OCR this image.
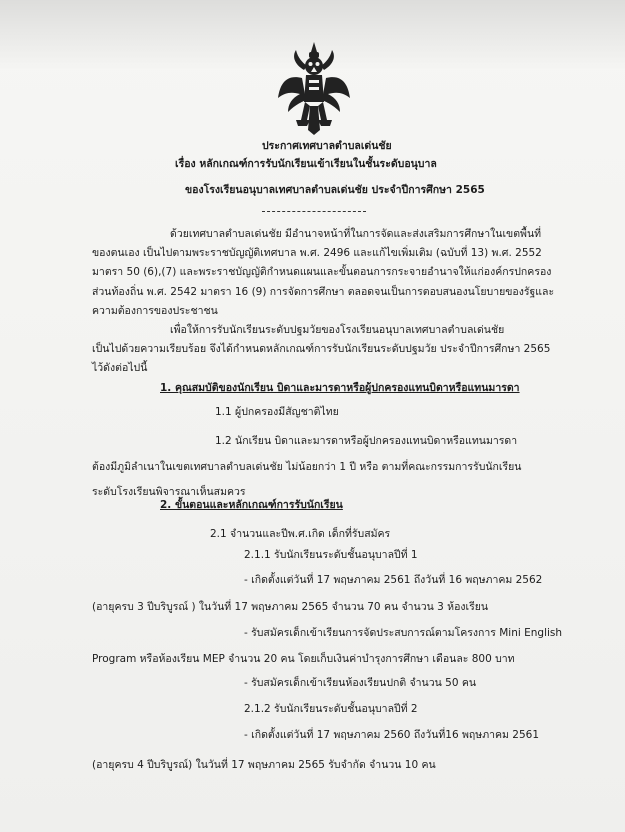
ประกาศเทศบาลตำบลเด่นชัย
เรื่อง หลักเกณฑ์การรับนักเรียนเข้าเรียนในชั้นระดับอนุบาล
ของโรงเรียนอนุบาลเทศบาลตำบลเด่นชัย ประจำปีการศึกษา 2565
ด้วยเทศบาลตำบลเด่นชัย มีอำนาจหน้าที่ในการจัดและส่งเสริมการศึกษาในเขตพื้นที่
ของตนเอง เป็นไปตามพระราชบัญญัติเทศบาล พ.ศ. 2496 และแก้ไขเพิ่มเติม (ฉบับที่ 13) พ.ศ. 2552
มาตรา 50 (6),(7) และพระราชบัญญัติกำหนดแผนและขั้นตอนการกระจายอำนาจให้แก่องค์กรปกครอง
ส่วนท้องถิ่น พ.ศ. 2542 มาตรา 16 (9) การจัดการศึกษา ตลอดจนเป็นการตอบสนองนโยบายของรัฐและ
ความต้องการของประชาชน
เพื่อให้การรับนักเรียนระดับปฐมวัยของโรงเรียนอนุบาลเทศบาลตำบลเด่นชัย
เป็นไปด้วยความเรียบร้อย จึงได้กำหนดหลักเกณฑ์การรับนักเรียนระดับปฐมวัย ประจำปีการศึกษา 2565
ไว้ดังต่อไปนี้
1. คุณสมบัติของนักเรียน บิดาและมารดาหรือผู้ปกครองแทนบิดาหรือแทนมารดา
1.1 ผู้ปกครองมีสัญชาติไทย
1.2 นักเรียน บิดาและมารดาหรือผู้ปกครองแทนบิดาหรือแทนมารดา
ต้องมีภูมิลำเนาในเขตเทศบาลตำบลเด่นชัย ไม่น้อยกว่า 1 ปี หรือ ตามที่คณะกรรมการรับนักเรียน
ระดับโรงเรียนพิจารณาเห็นสมควร
2. ขั้นตอนและหลักเกณฑ์การรับนักเรียน
2.1 จำนวนและปีพ.ศ.เกิด เด็กที่รับสมัคร
2.1.1 รับนักเรียนระดับชั้นอนุบาลปีที่ 1
- เกิดตั้งแต่วันที่ 17 พฤษภาคม 2561 ถึงวันที่ 16 พฤษภาคม 2562
(อายุครบ 3 ปีบริบูรณ์ ) ในวันที่ 17 พฤษภาคม 2565 จำนวน 70 คน จำนวน 3 ห้องเรียน
- รับสมัครเด็กเข้าเรียนการจัดประสบการณ์ตามโครงการ Mini English
Program หรือห้องเรียน MEP จำนวน 20 คน โดยเก็บเงินค่าบำรุงการศึกษา เดือนละ 800 บาท
- รับสมัครเด็กเข้าเรียนห้องเรียนปกติ จำนวน 50 คน
2.1.2 รับนักเรียนระดับชั้นอนุบาลปีที่ 2
- เกิดตั้งแต่วันที่ 17 พฤษภาคม 2560 ถึงวันที่16 พฤษภาคม 2561
(อายุครบ 4 ปีบริบูรณ์) ในวันที่ 17 พฤษภาคม 2565 รับจำกัด จำนวน 10 คน
